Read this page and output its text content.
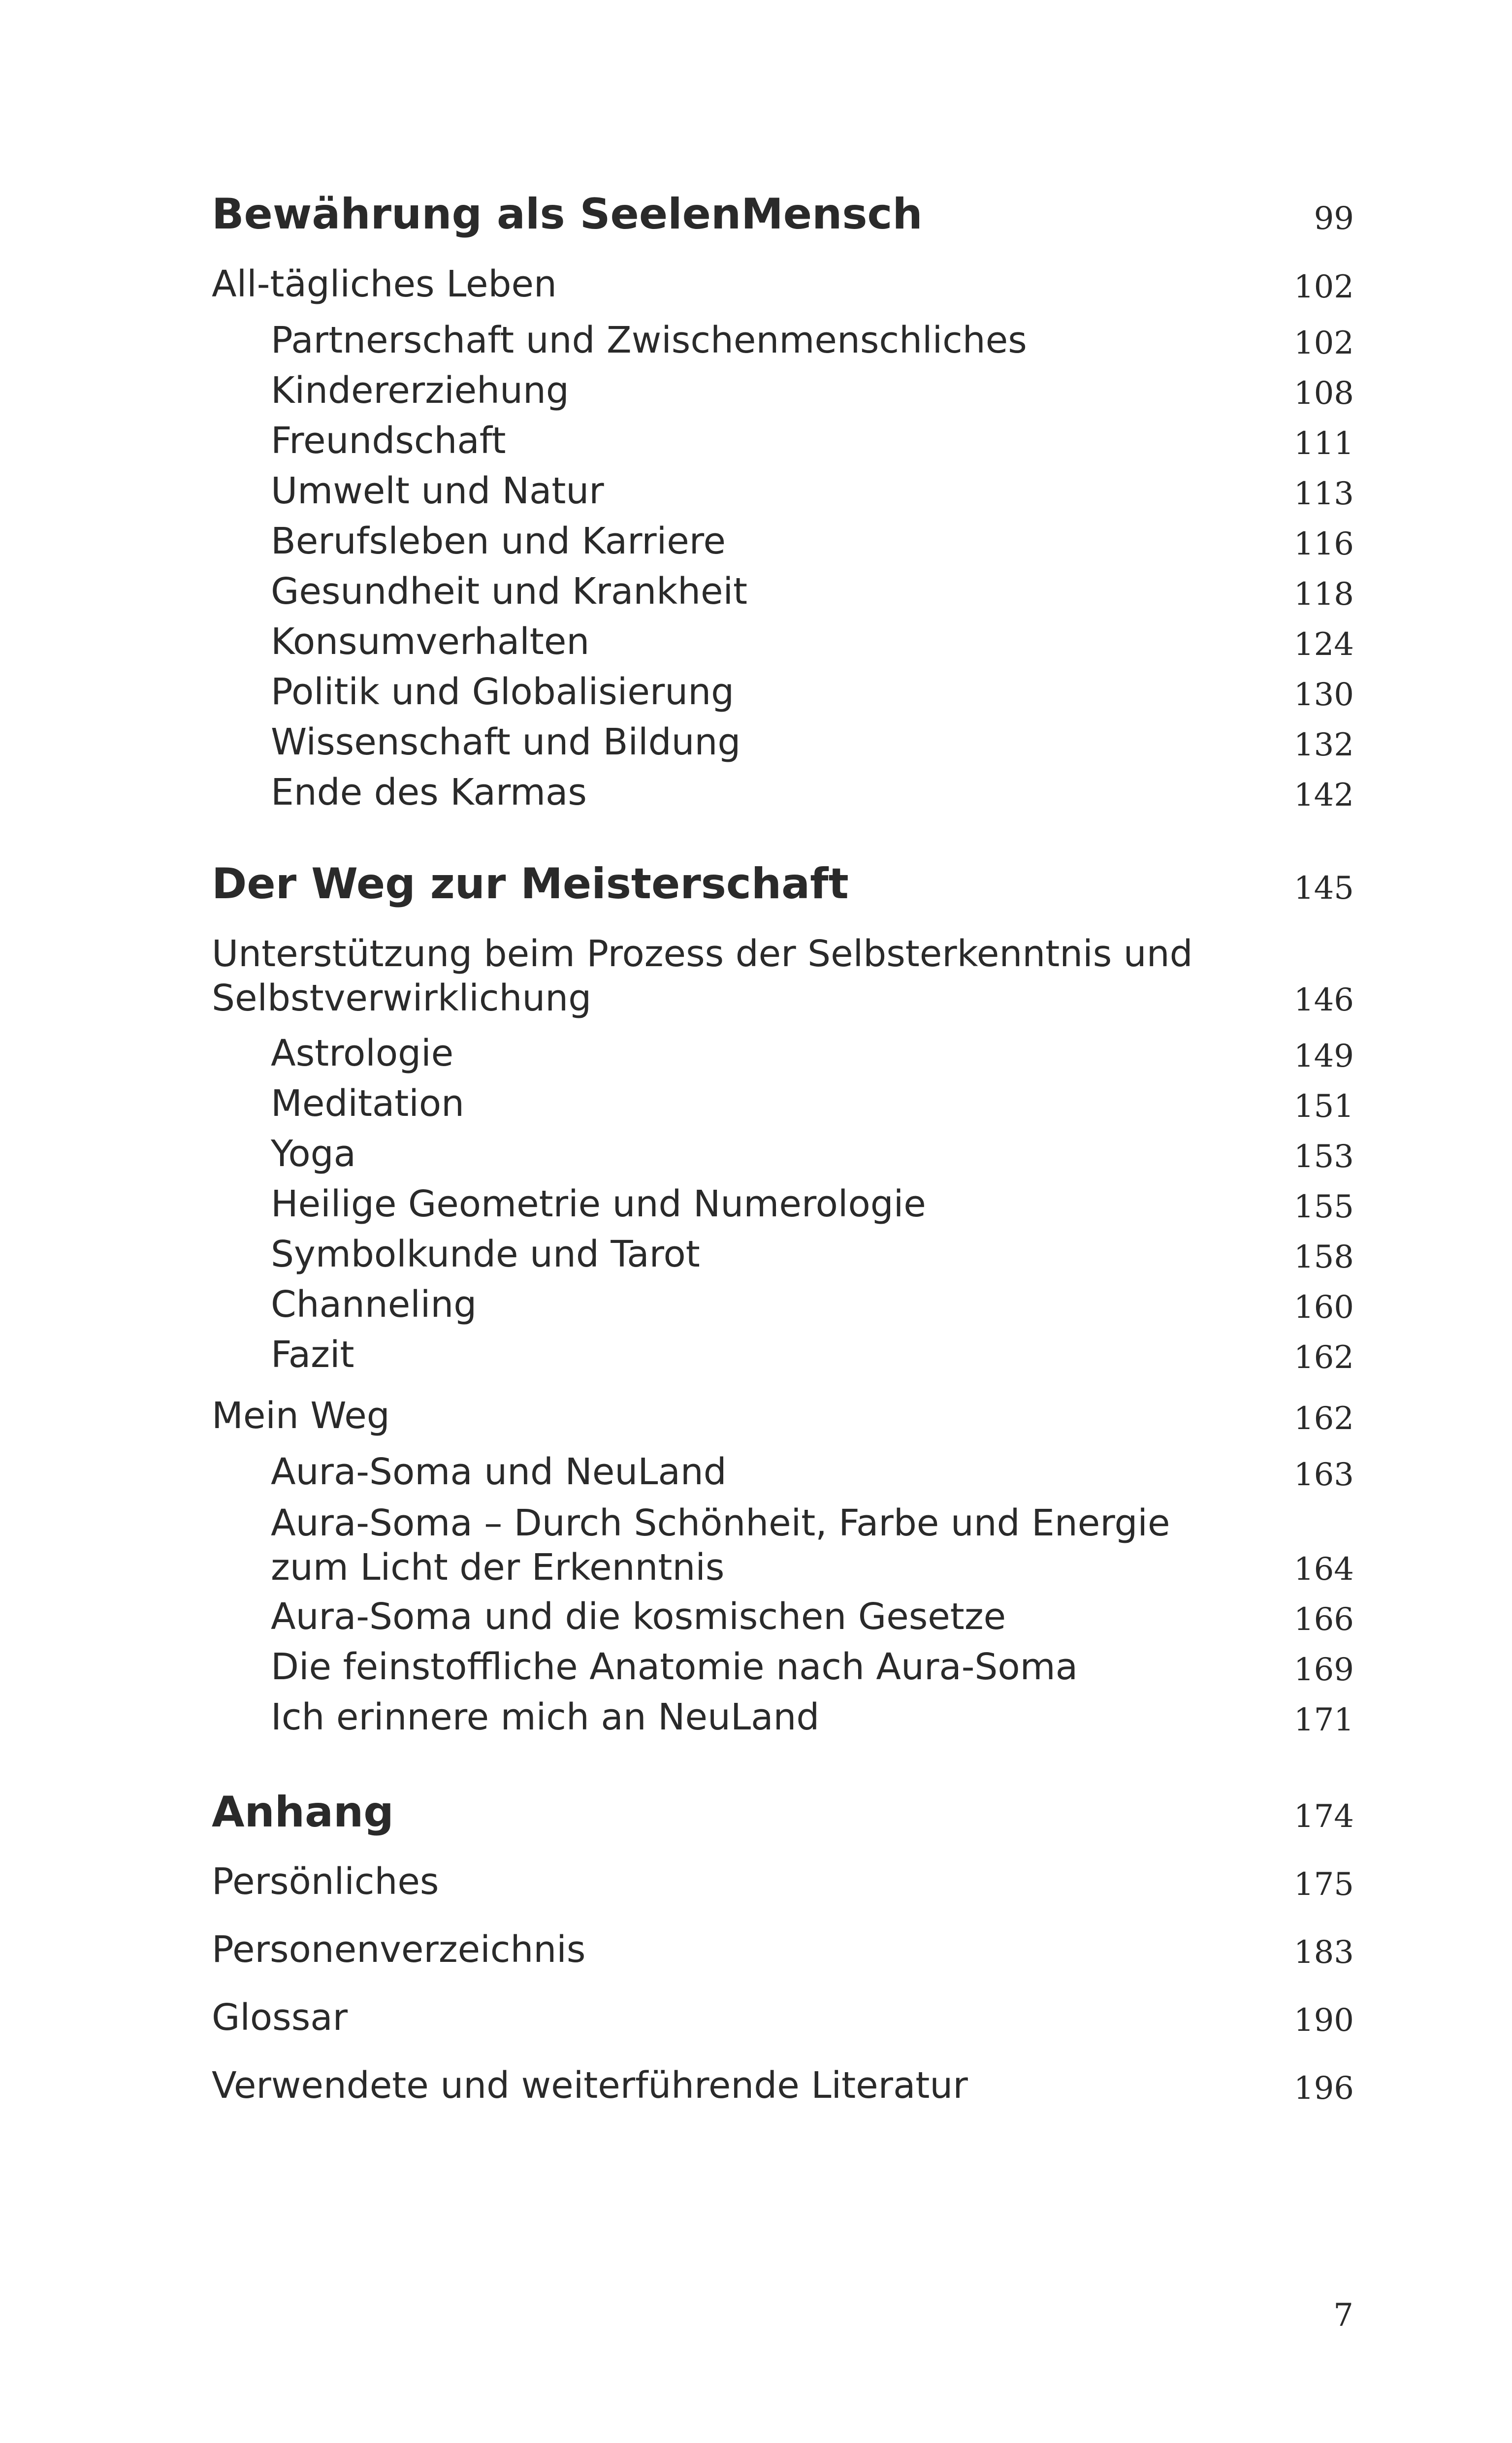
Bewährung als SeelenMensch	99
All-tägliches Leben	102
Partnerschaft und Zwischenmenschliches	102
Kindererziehung	108
Freundschaft	111
Umwelt und Natur	113
Berufsleben und Karriere	116
Gesundheit und Krankheit	118
Konsumverhalten	124
Politik und Globalisierung	130
Wissenschaft und Bildung	132
Ende des Karmas	142
Der Weg zur Meisterschaft	145
Unterstützung beim Prozess der Selbsterkenntnis und
Selbstverwirklichung	146
Astrologie	149
Meditation	151
Yoga	153
Heilige Geometrie und Numerologie	155
Symbolkunde und Tarot	158
Channeling	160
Fazit	162
Mein Weg	162
Aura-Soma und NeuLand	163
Aura-Soma – Durch Schönheit, Farbe und Energie
zum Licht der Erkenntnis	164
Aura-Soma und die kosmischen Gesetze	166
Die feinstoffliche Anatomie nach Aura-Soma	169
Ich erinnere mich an NeuLand	171
Anhang	174
Persönliches	175
Personenverzeichnis	183
Glossar	190
Verwendete und weiterführende Literatur	196
7
